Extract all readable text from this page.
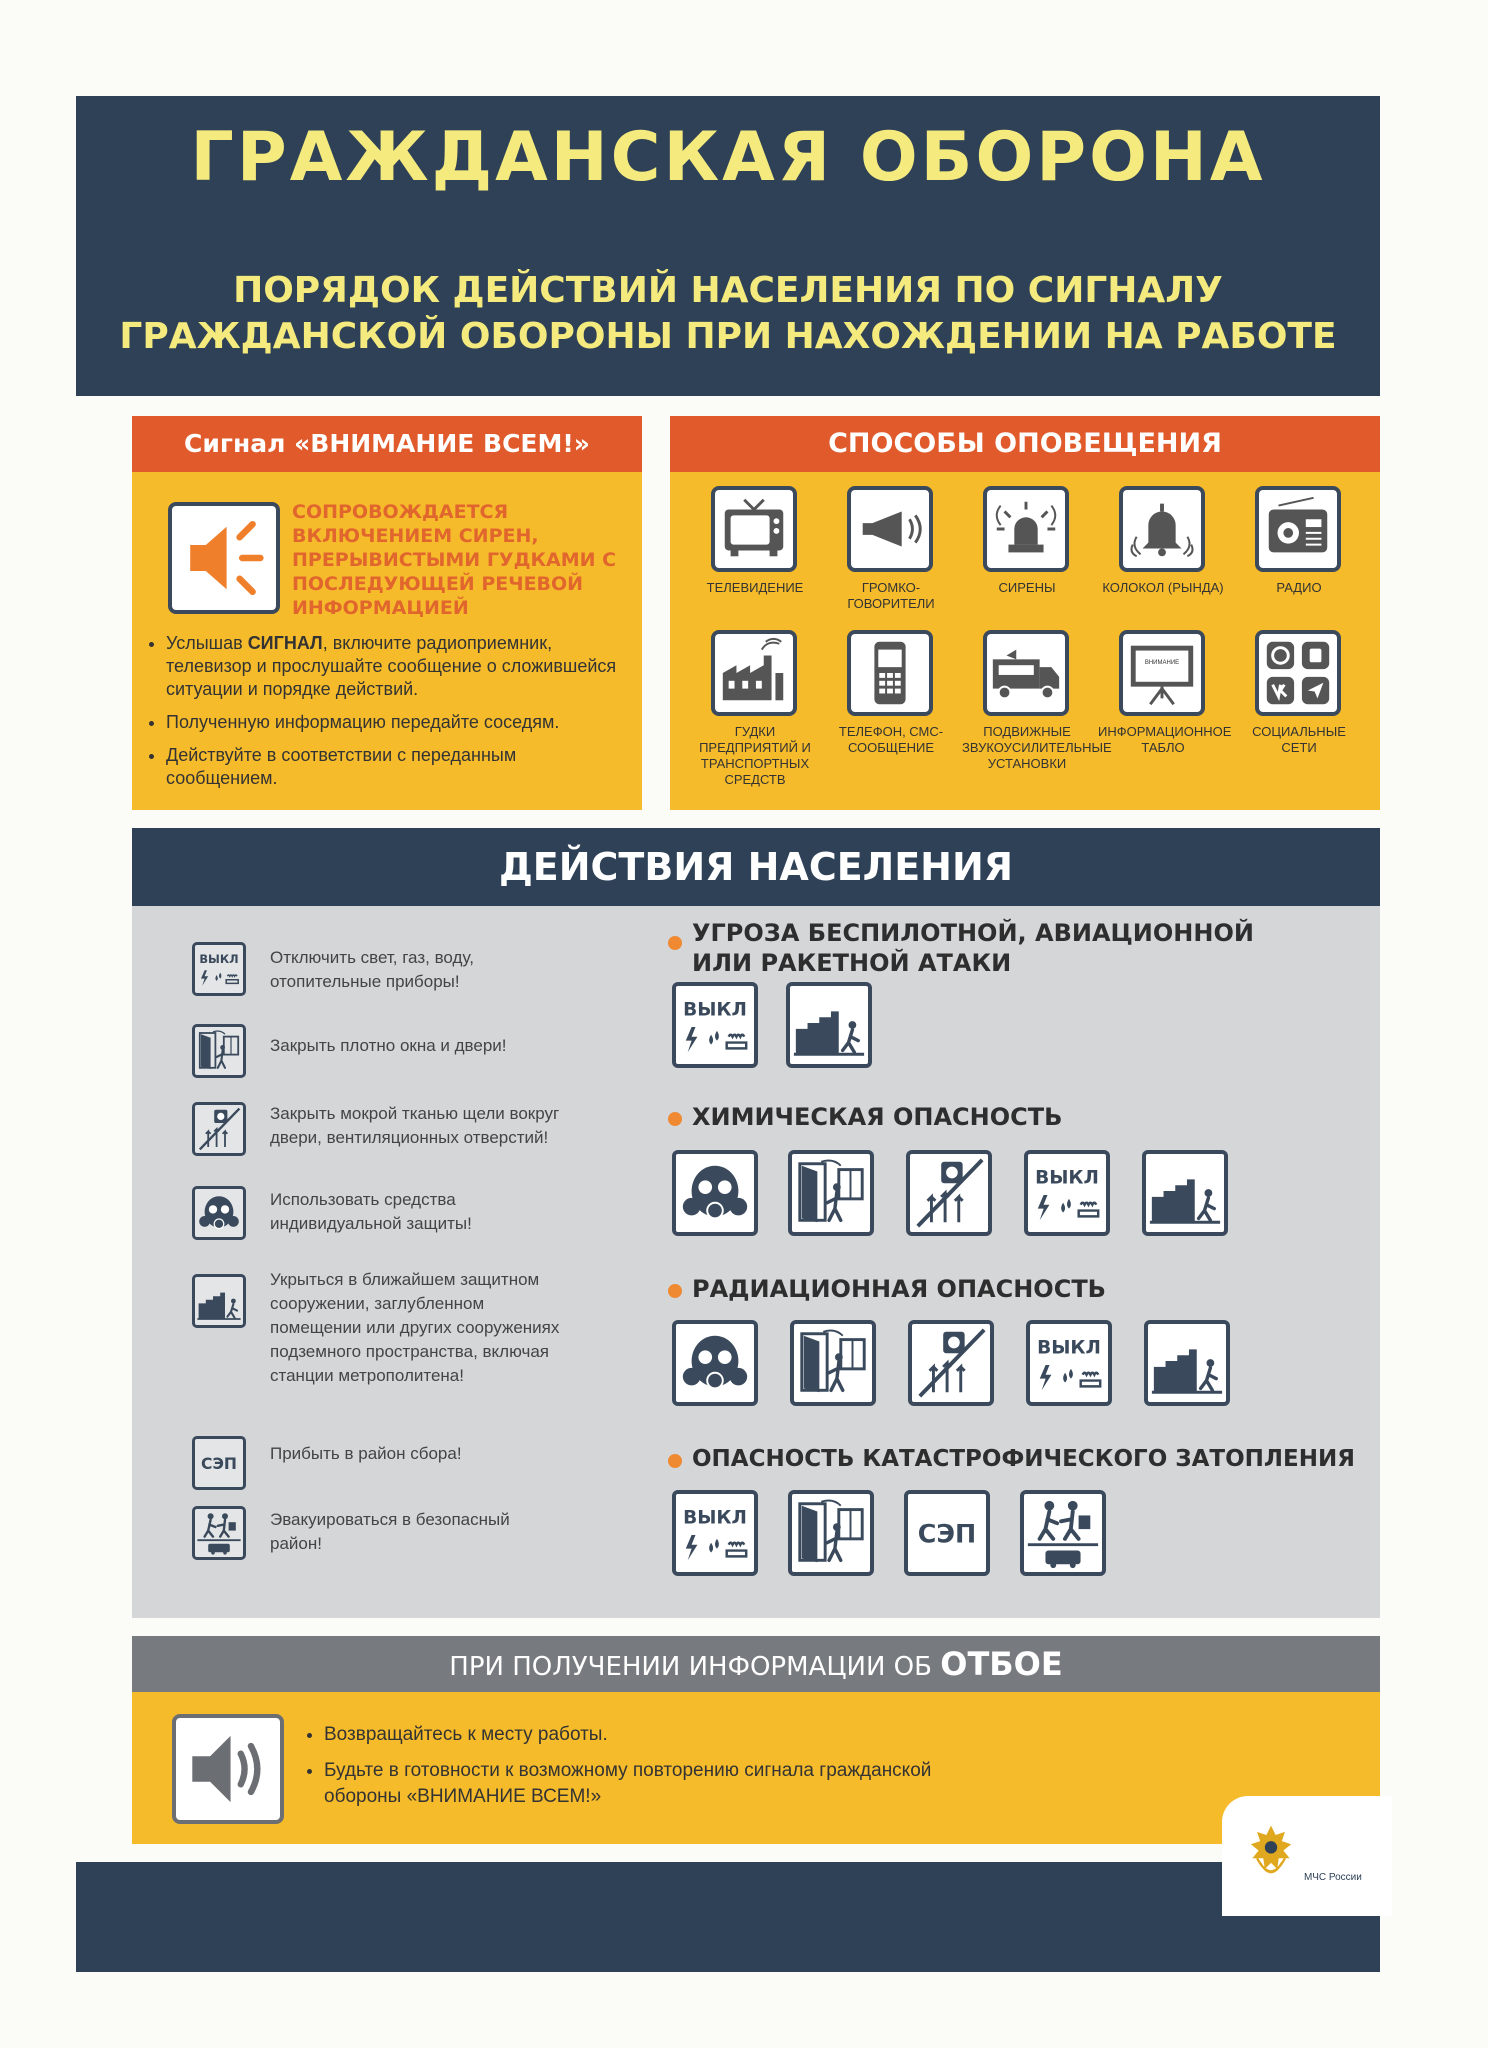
ГРАЖДАНСКАЯ ОБОРОНА
ПОРЯДОК ДЕЙСТВИЙ НАСЕЛЕНИЯ ПО СИГНАЛУ
ГРАЖДАНСКОЙ ОБОРОНЫ ПРИ НАХОЖДЕНИИ НА РАБОТЕ
Сигнал «ВНИМАНИЕ ВСЕМ!»
СОПРОВОЖДАЕТСЯ ВКЛЮЧЕНИЕМ СИРЕН, ПРЕРЫВИСТЫМИ ГУДКАМИ С ПОСЛЕДУЮЩЕЙ РЕЧЕВОЙ ИНФОРМАЦИЕЙ
• Услышав СИГНАЛ, включите радиоприемник, телевизор и прослушайте сообщение о сложившейся ситуации и порядке действий.
• Полученную информацию передайте соседям.
• Действуйте в соответствии с переданным сообщением.
СПОСОБЫ ОПОВЕЩЕНИЯ
ТЕЛЕВИДЕНИЕ	ГРОМКО-ГОВОРИТЕЛИ
СИРЕНЫ	КОЛОКОЛ (РЫНДА)	РАДИО
ГУДКИ ПРЕДПРИЯТИЙ И ТРАНСПОРТНЫХ СРЕДСТВ
ТЕЛЕФОН, СМС-СООБЩЕНИЕ
ПОДВИЖНЫЕ ЗВУКОУСИЛИТЕЛЬНЫЕ УСТАНОВКИ
ВНИМАНИЕ
ИНФОРМАЦИОННОЕ ТАБЛО
СОЦИАЛЬНЫЕ СЕТИ
ДЕЙСТВИЯ НАСЕЛЕНИЯ
Отключить свет, газ, воду, отопительные приборы!
Закрыть плотно окна и двери!
Закрыть мокрой тканью щели вокруг двери, вентиляционных отверстий!
Использовать средства индивидуальной защиты!
Укрыться в ближайшем защитном сооружении, заглубленном помещении или других сооружениях подземного пространства, включая станции метрополитена!
Прибыть в район сбора!
Эвакуироваться в безопасный район!
УГРОЗА БЕСПИЛОТНОЙ, АВИАЦИОННОЙ
ИЛИ РАКЕТНОЙ АТАКИ
ХИМИЧЕСКАЯ ОПАСНОСТЬ
РАДИАЦИОННАЯ ОПАСНОСТЬ
ОПАСНОСТЬ КАТАСТРОФИЧЕСКОГО ЗАТОПЛЕНИЯ
ПРИ ПОЛУЧЕНИИ ИНФОРМАЦИИ ОБ ОТБОЕ
• Возвращайтесь к месту работы.
• Будьте в готовности к возможному повторению сигнала гражданской обороны «ВНИМАНИЕ ВСЕМ!»
МЧС России
